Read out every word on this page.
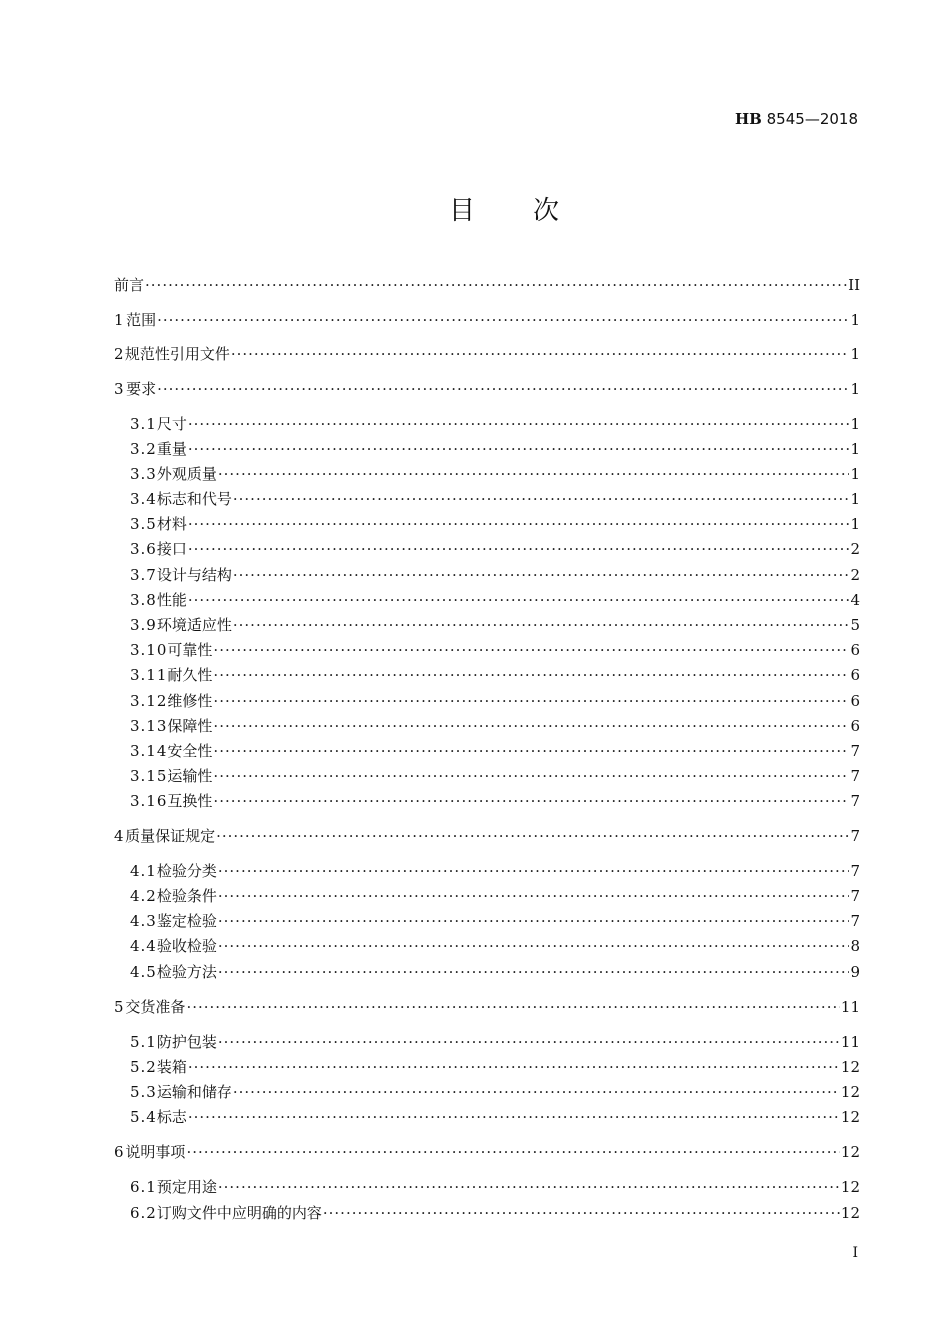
HB 8545—2018
目次
前言 ·····	II
1 范围 ·····	1
2 规范性引用文件 ·····	1
3 要求 ·····	1
3.1 尺寸 ·····	1
3.2 重量 ·····	1
3.3 外观质量 ·····	1
3.4 标志和代号 ·····	1
3.5 材料 ·····	1
3.6 接口 ·····	2
3.7 设计与结构 ·····	2
3.8 性能 ·····	4
3.9 环境适应性 ·····	5
3.10 可靠性 ·····	6
3.11 耐久性 ·····	6
3.12 维修性 ·····	6
3.13 保障性 ·····	6
3.14 安全性 ·····	7
3.15 运输性 ·····	7
3.16 互换性 ·····	7
4 质量保证规定 ·····	7
4.1 检验分类 ·····	7
4.2 检验条件 ·····	7
4.3 鉴定检验 ·····	7
4.4 验收检验 ·····	8
4.5 检验方法 ·····	9
5 交货准备 ·····	11
5.1 防护包装 ·····	11
5.2 装箱 ·····	12
5.3 运输和储存 ·····	12
5.4 标志 ·····	12
6 说明事项 ·····	12
6.1 预定用途 ·····	12
6.2 订购文件中应明确的内容 ·····	12
I
